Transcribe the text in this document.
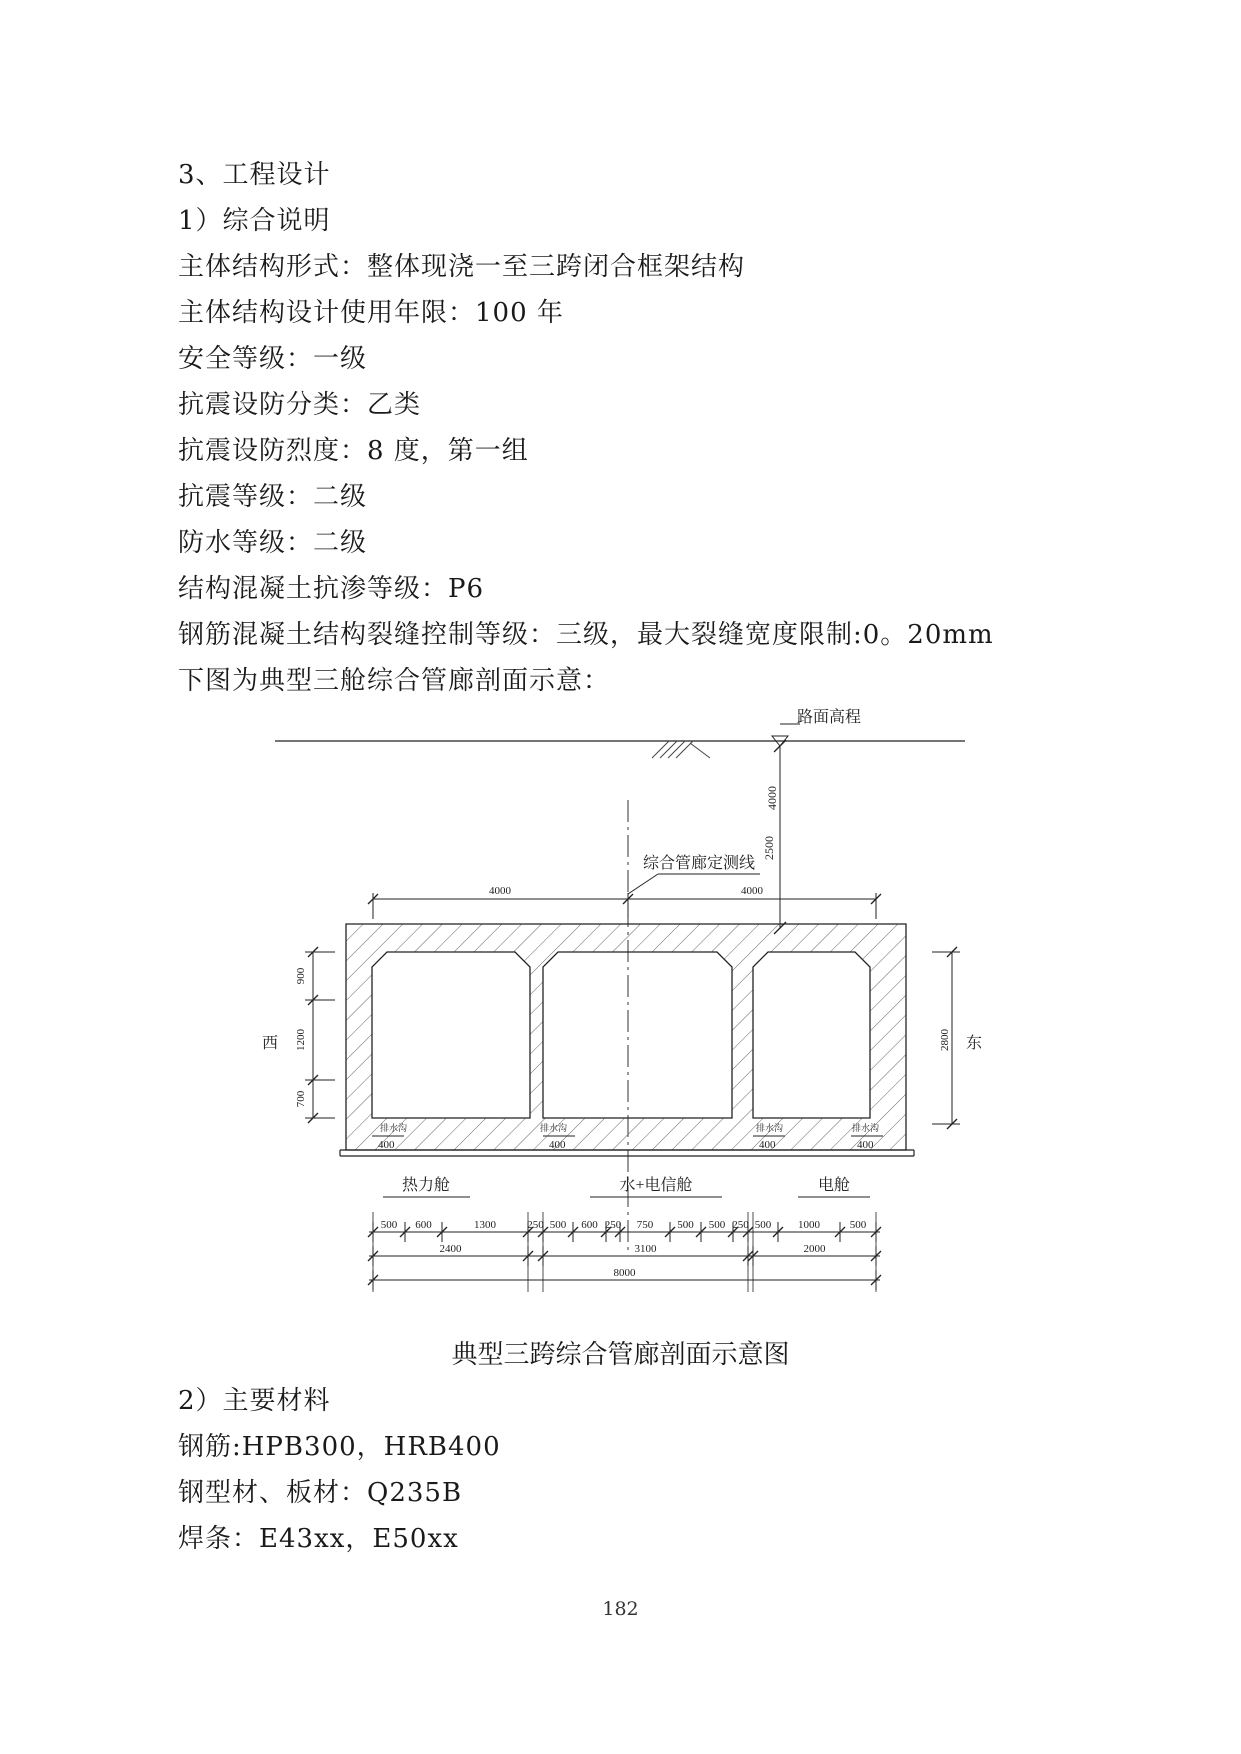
3、工程设计
1）综合说明
主体结构形式：整体现浇一至三跨闭合框架结构
主体结构设计使用年限：100 年
安全等级：一级
抗震设防分类：乙类
抗震设防烈度：8 度，第一组
抗震等级：二级
防水等级：二级
结构混凝土抗渗等级：P6
钢筋混凝土结构裂缝控制等级：三级，最大裂缝宽度限制:0。20mm
下图为典型三舱综合管廊剖面示意：
路面高程
2500
4000
综合管廊定测线
4000	4000
排水沟	排水沟	排水沟	排水沟
400	400	400	400
900
1200
700
西	2800 东
热力舱	水+电信舱	电舱
500 600	1300	250 500 600 250 750 500 500 250 500 1000	500
2400	3100	2000
8000
2）主要材料
钢筋:HPB300，HRB400
钢型材、板材：Q235B
焊条：E43xx，E50xx
典型三跨综合管廊剖面示意图
182
